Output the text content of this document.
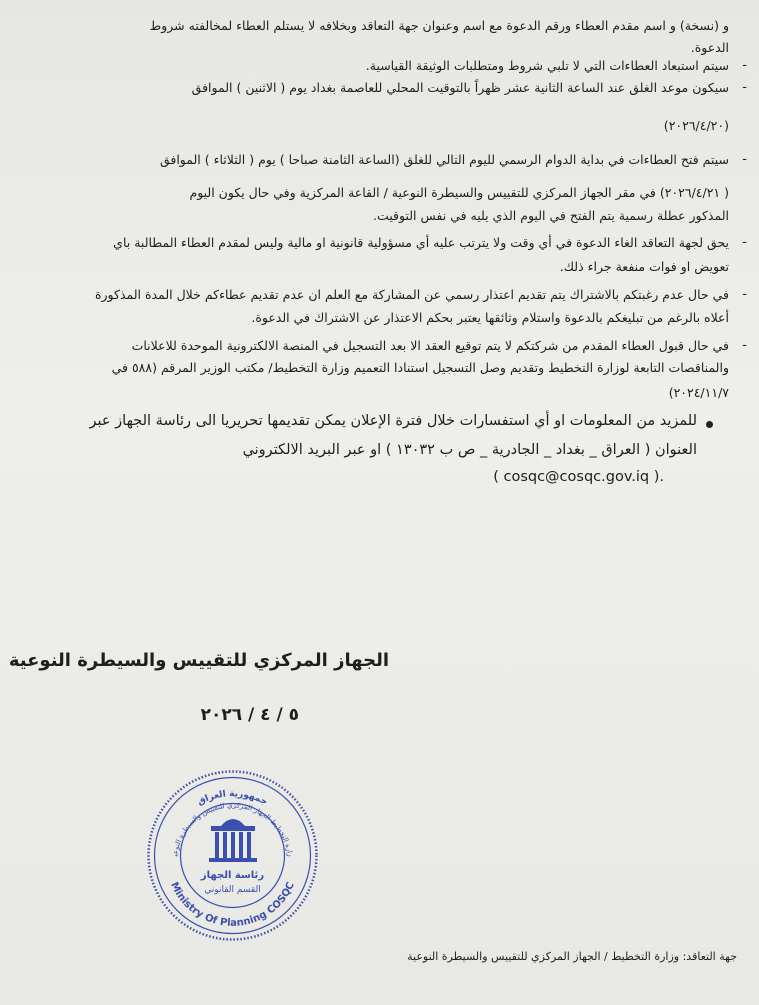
و (نسخة) و اسم مقدم العطاء ورقم الدعوة مع اسم وعنوان جهة التعاقد وبخلافه لا يستلم العطاء لمخالفته شروط
الدعوة.
-
سيتم استبعاد العطاءات التي لا تلبي شروط ومتطلبات الوثيقة القياسية.
-
سيكون موعد الغلق عند الساعة الثانية عشر ظهراً بالتوقيت المحلي للعاصمة بغداد يوم ( الاثنين ) الموافق
(٢٠٢٦/٤/٢٠)
-
سيتم فتح العطاءات في بداية الدوام الرسمي لليوم التالي للغلق (الساعة الثامنة صباحا ) يوم ( الثلاثاء ) الموافق
( ٢٠٢٦/٤/٢١) في مقر الجهاز المركزي للتقييس والسيطرة النوعية / القاعة المركزية وفي حال يكون اليوم
المذكور عطلة رسمية يتم الفتح في اليوم الذي يليه في نفس التوقيت.
-
يحق لجهة التعاقد الغاء الدعوة في أي وقت ولا يترتب عليه أي مسؤولية قانونية او مالية وليس لمقدم العطاء المطالبة باي
تعويض او فوات منفعة جراء ذلك.
-
في حال عدم رغبتكم بالاشتراك يتم تقديم اعتذار رسمي عن المشاركة مع العلم ان عدم تقديم عطاءكم خلال المدة المذكورة
أعلاه بالرغم من تبليغكم بالدعوة واستلام وثائقها يعتبر بحكم الاعتذار عن الاشتراك في الدعوة.
-
في حال قبول العطاء المقدم من شركتكم لا يتم توقيع العقد الا بعد التسجيل في المنصة الالكترونية الموحدة للاعلانات
والمناقصات التابعة لوزارة التخطيط وتقديم وصل التسجيل استنادا التعميم وزارة التخطيط/ مكتب الوزير المرقم (٥٨٨ في
٢٠٢٤/١١/٧)
للمزيد من المعلومات او أي استفسارات خلال فترة الإعلان يمكن تقديمها تحريريا الى رئاسة الجهاز عبر
العنوان ( العراق _ بغداد _ الجادرية _ ص ب ١٣٠٣٢ ) او عبر البريد الالكتروني
( cosqc@cosqc.gov.iq ).
الجهاز المركزي للتقييس والسيطرة النوعية
٥ / ٤ / ٢٠٢٦
جمهورية العراق
زارة التخطيط الجهاز المركزي للتقييس والسيطرة النوعي
Ministry Of Planning COSQC
رئاسة الجهاز
القسم القانوني
جهة التعاقد: وزارة التخطيط / الجهاز المركزي للتقييس والسيطرة النوعية
